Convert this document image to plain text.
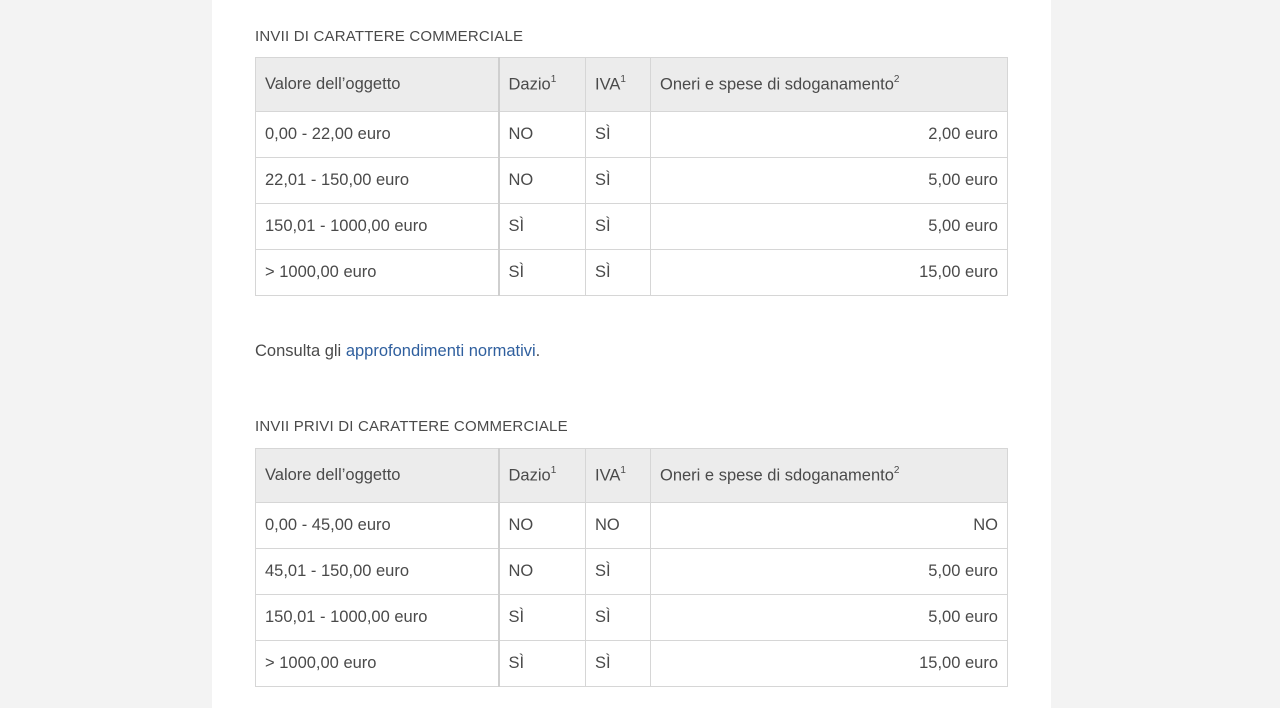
INVII DI CARATTERE COMMERCIALE
Valore dell’oggetto	Dazio$^1$	IVA$^1$	Oneri e spese di sdoganamento$^2$
0,00 - 22,00 euro	NO	SÌ	2,00 euro
22,01 - 150,00 euro	NO	SÌ	5,00 euro
150,01 - 1000,00 euro	SÌ	SÌ	5,00 euro
> 1000,00 euro	SÌ	SÌ	15,00 euro
Consulta gli approfondimenti normativi.
INVII PRIVI DI CARATTERE COMMERCIALE
Valore dell’oggetto	Dazio$^1$	IVA$^1$	Oneri e spese di sdoganamento$^2$
0,00 - 45,00 euro	NO	NO	NO
45,01 - 150,00 euro	NO	SÌ	5,00 euro
150,01 - 1000,00 euro	SÌ	SÌ	5,00 euro
> 1000,00 euro	SÌ	SÌ	15,00 euro
